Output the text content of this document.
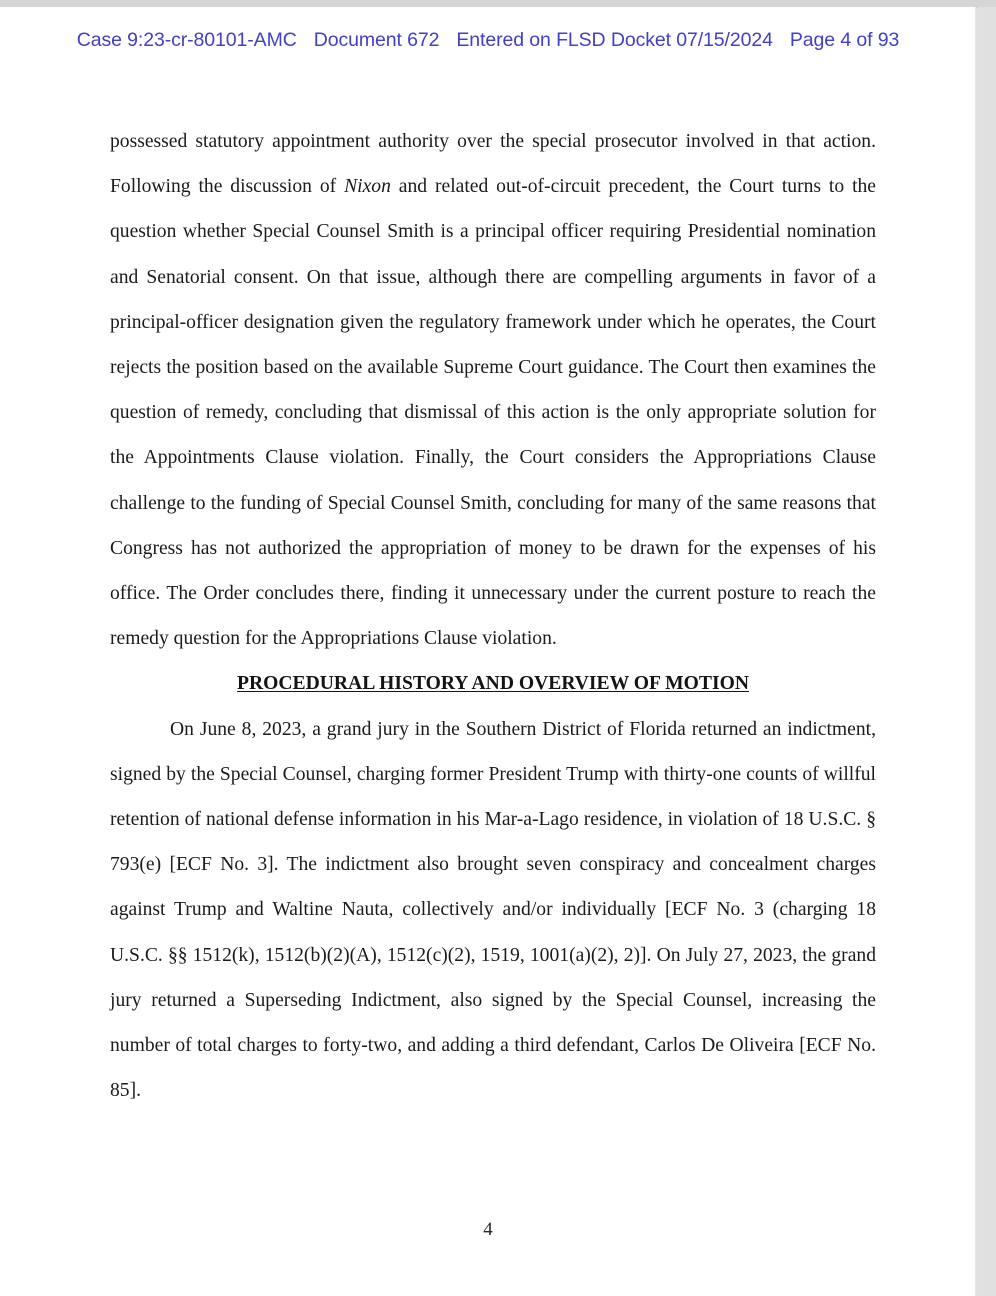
Case 9:23-cr-80101-AMC Document 672 Entered on FLSD Docket 07/15/2024 Page 4 of 93

possessed statutory appointment authority over the special prosecutor involved in that action. Following the discussion of Nixon and related out-of-circuit precedent, the Court turns to the question whether Special Counsel Smith is a principal officer requiring Presidential nomination and Senatorial consent. On that issue, although there are compelling arguments in favor of a principal-officer designation given the regulatory framework under which he operates, the Court rejects the position based on the available Supreme Court guidance. The Court then examines the question of remedy, concluding that dismissal of this action is the only appropriate solution for the Appointments Clause violation. Finally, the Court considers the Appropriations Clause challenge to the funding of Special Counsel Smith, concluding for many of the same reasons that Congress has not authorized the appropriation of money to be drawn for the expenses of his office. The Order concludes there, finding it unnecessary under the current posture to reach the remedy question for the Appropriations Clause violation.

PROCEDURAL HISTORY AND OVERVIEW OF MOTION

On June 8, 2023, a grand jury in the Southern District of Florida returned an indictment, signed by the Special Counsel, charging former President Trump with thirty-one counts of willful retention of national defense information in his Mar-a-Lago residence, in violation of 18 U.S.C. § 793(e) [ECF No. 3]. The indictment also brought seven conspiracy and concealment charges against Trump and Waltine Nauta, collectively and/or individually [ECF No. 3 (charging 18 U.S.C. §§ 1512(k), 1512(b)(2)(A), 1512(c)(2), 1519, 1001(a)(2), 2)]. On July 27, 2023, the grand jury returned a Superseding Indictment, also signed by the Special Counsel, increasing the number of total charges to forty-two, and adding a third defendant, Carlos De Oliveira [ECF No. 85].

4
